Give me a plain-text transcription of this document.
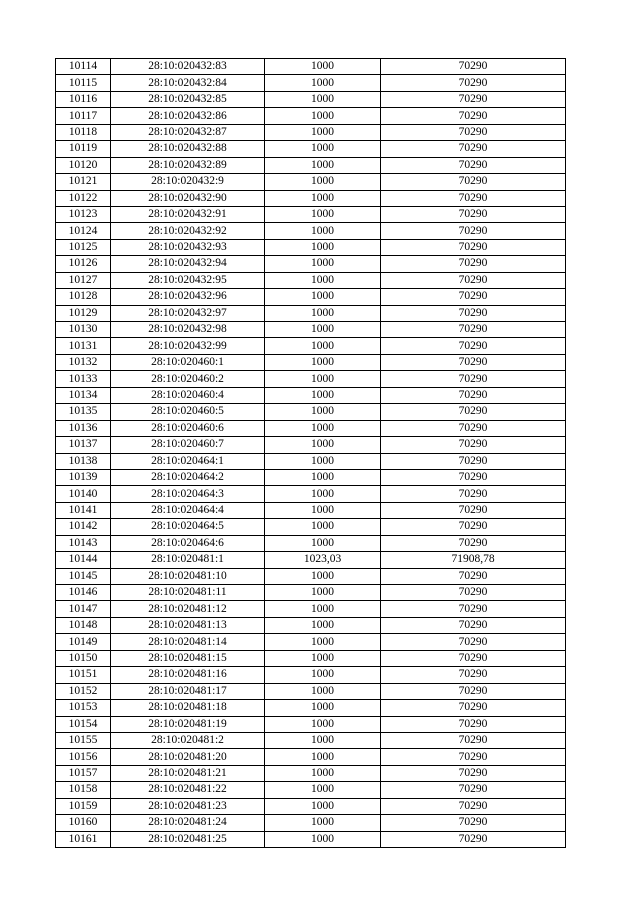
10114	28:10:020432:83	1000	70290
10115	28:10:020432:84	1000	70290
10116	28:10:020432:85	1000	70290
10117	28:10:020432:86	1000	70290
10118	28:10:020432:87	1000	70290
10119	28:10:020432:88	1000	70290
10120	28:10:020432:89	1000	70290
10121	28:10:020432:9	1000	70290
10122	28:10:020432:90	1000	70290
10123	28:10:020432:91	1000	70290
10124	28:10:020432:92	1000	70290
10125	28:10:020432:93	1000	70290
10126	28:10:020432:94	1000	70290
10127	28:10:020432:95	1000	70290
10128	28:10:020432:96	1000	70290
10129	28:10:020432:97	1000	70290
10130	28:10:020432:98	1000	70290
10131	28:10:020432:99	1000	70290
10132	28:10:020460:1	1000	70290
10133	28:10:020460:2	1000	70290
10134	28:10:020460:4	1000	70290
10135	28:10:020460:5	1000	70290
10136	28:10:020460:6	1000	70290
10137	28:10:020460:7	1000	70290
10138	28:10:020464:1	1000	70290
10139	28:10:020464:2	1000	70290
10140	28:10:020464:3	1000	70290
10141	28:10:020464:4	1000	70290
10142	28:10:020464:5	1000	70290
10143	28:10:020464:6	1000	70290
10144	28:10:020481:1	1023,03	71908,78
10145	28:10:020481:10	1000	70290
10146	28:10:020481:11	1000	70290
10147	28:10:020481:12	1000	70290
10148	28:10:020481:13	1000	70290
10149	28:10:020481:14	1000	70290
10150	28:10:020481:15	1000	70290
10151	28:10:020481:16	1000	70290
10152	28:10:020481:17	1000	70290
10153	28:10:020481:18	1000	70290
10154	28:10:020481:19	1000	70290
10155	28:10:020481:2	1000	70290
10156	28:10:020481:20	1000	70290
10157	28:10:020481:21	1000	70290
10158	28:10:020481:22	1000	70290
10159	28:10:020481:23	1000	70290
10160	28:10:020481:24	1000	70290
10161	28:10:020481:25	1000	70290
